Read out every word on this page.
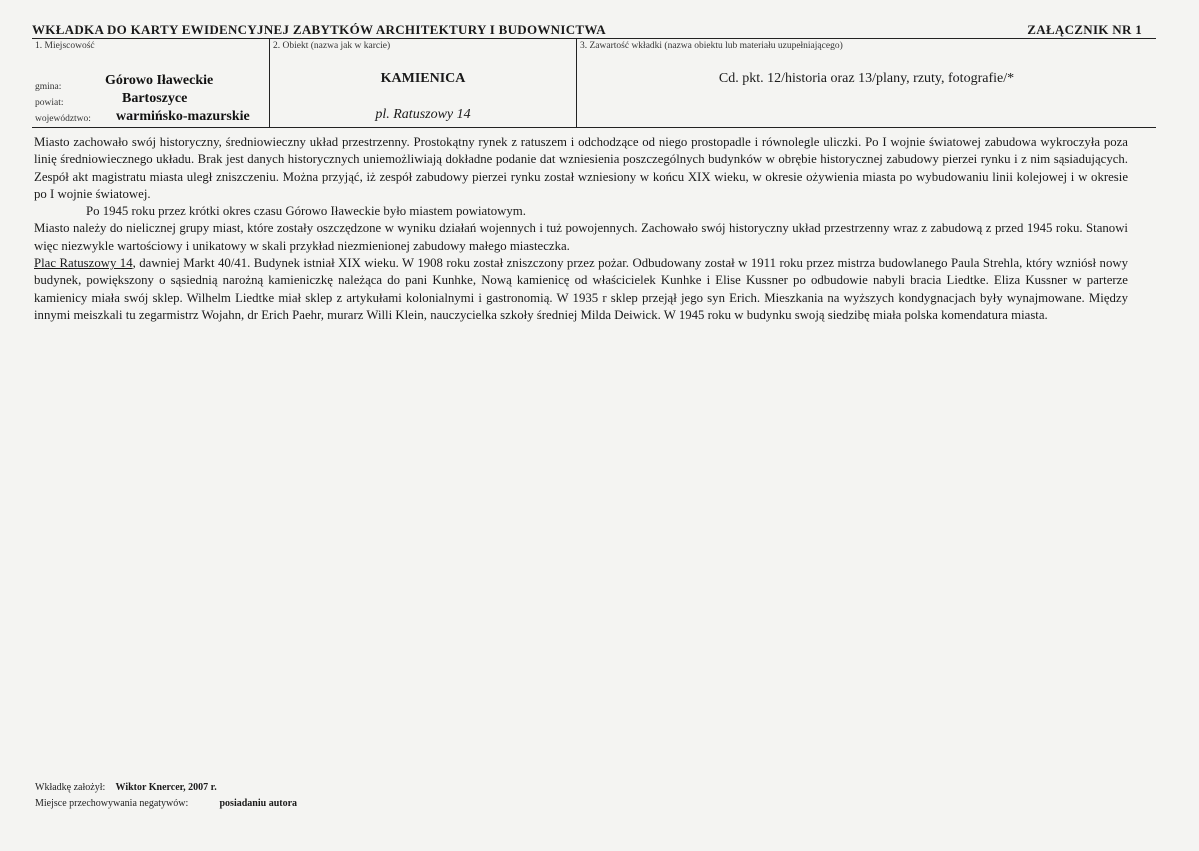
WKŁADKA DO KARTY EWIDENCYJNEJ ZABYTKÓW ARCHITEKTURY I BUDOWNICTWA	ZAŁĄCZNIK NR 1
1. Miejscowość
gmina:	Górowo Iławeckie
powiat:	Bartoszyce
województwo: warmińsko-mazurskie
2. Obiekt (nazwa jak w karcie)
KAMIENICA
pl. Ratuszowy 14
3. Zawartość wkładki (nazwa obiektu lub materiału uzupełniającego)
Cd. pkt. 12/historia oraz 13/plany, rzuty, fotografie/*

Miasto zachowało swój historyczny, średniowieczny układ przestrzenny. Prostokątny rynek z ratuszem i odchodzące od niego prostopadle i równolegle uliczki. Po I wojnie światowej zabudowa wykroczyła poza linię średniowiecznego układu. Brak jest danych historycznych uniemożliwiają dokładne podanie dat wzniesienia poszczególnych budynków w obrębie historycznej zabudowy pierzei rynku i z nim sąsiadujących. Zespół akt magistratu miasta uległ zniszczeniu. Można przyjąć, iż zespół zabudowy pierzei rynku został wzniesiony w końcu XIX wieku, w okresie ożywienia miasta po wybudowaniu linii kolejowej i w okresie po I wojnie światowej.

Po 1945 roku przez krótki okres czasu Górowo Iławeckie było miastem powiatowym.

Miasto należy do nielicznej grupy miast, które zostały oszczędzone w wyniku działań wojennych i tuż powojennych. Zachowało swój historyczny układ przestrzenny wraz z zabudową z przed 1945 roku. Stanowi więc niezwykle wartościowy i unikatowy w skali przykład niezmienionej zabudowy małego miasteczka.

Plac Ratuszowy 14, dawniej Markt 40/41. Budynek istniał XIX wieku. W 1908 roku został zniszczony przez pożar. Odbudowany został w 1911 roku przez mistrza budowlanego Paula Strehla, który wzniósł nowy budynek, powiększony o sąsiednią narożną kamieniczkę należąca do pani Kunhke, Nową kamienicę od właścicielek Kunhke i Elise Kussner po odbudowie nabyli bracia Liedtke. Eliza Kussner w parterze kamienicy miała swój sklep. Wilhelm Liedtke miał sklep z artykułami kolonialnymi i gastronomią. W 1935 r sklep przejął jego syn Erich. Mieszkania na wyższych kondygnacjach były wynajmowane. Między innymi meiszkali tu zegarmistrz Wojahn, dr Erich Paehr, murarz Willi Klein, nauczycielka szkoły średniej Milda Deiwick. W 1945 roku w budynku swoją siedzibę miała polska komendatura miasta.

Wkładkę założył: Wiktor Knercer, 2007 r.
Miejsce przechowywania negatywów:	posiadaniu autora
